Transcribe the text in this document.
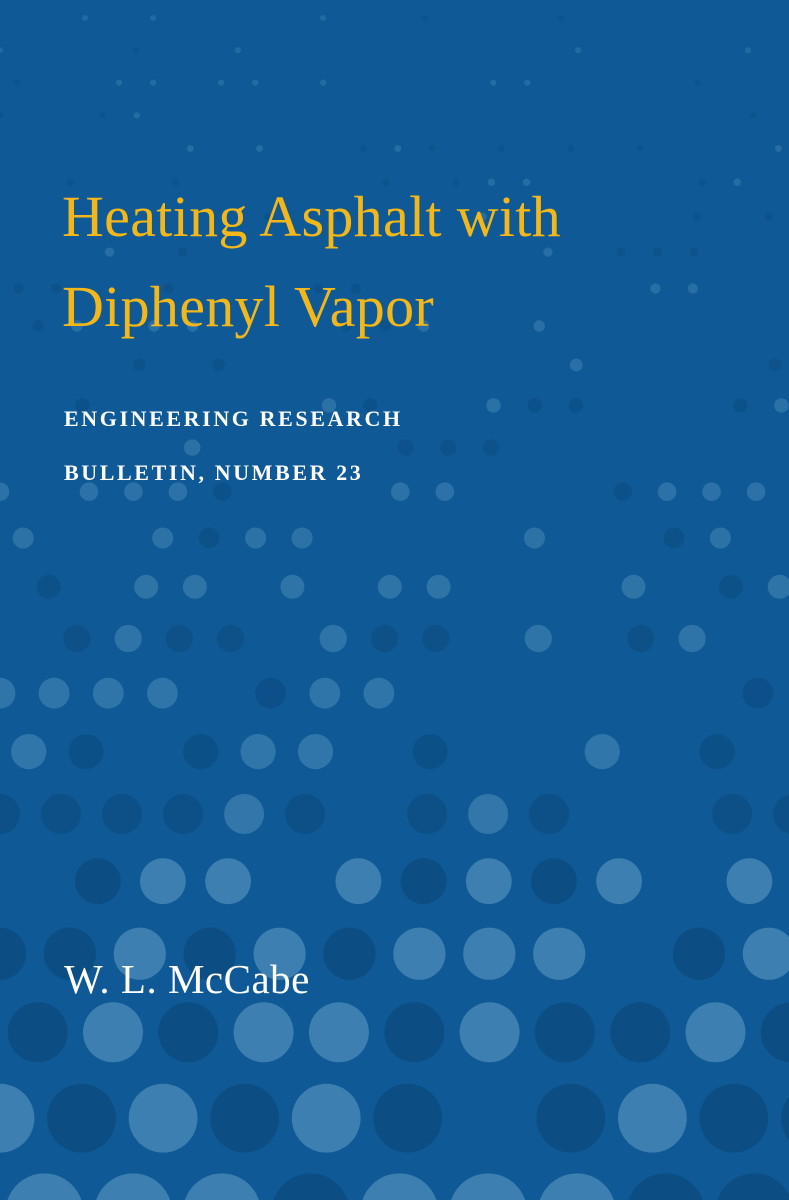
Heating Asphalt with
Diphenyl Vapor
ENGINEERING RESEARCH
BULLETIN, NUMBER 23
W. L. McCabe
